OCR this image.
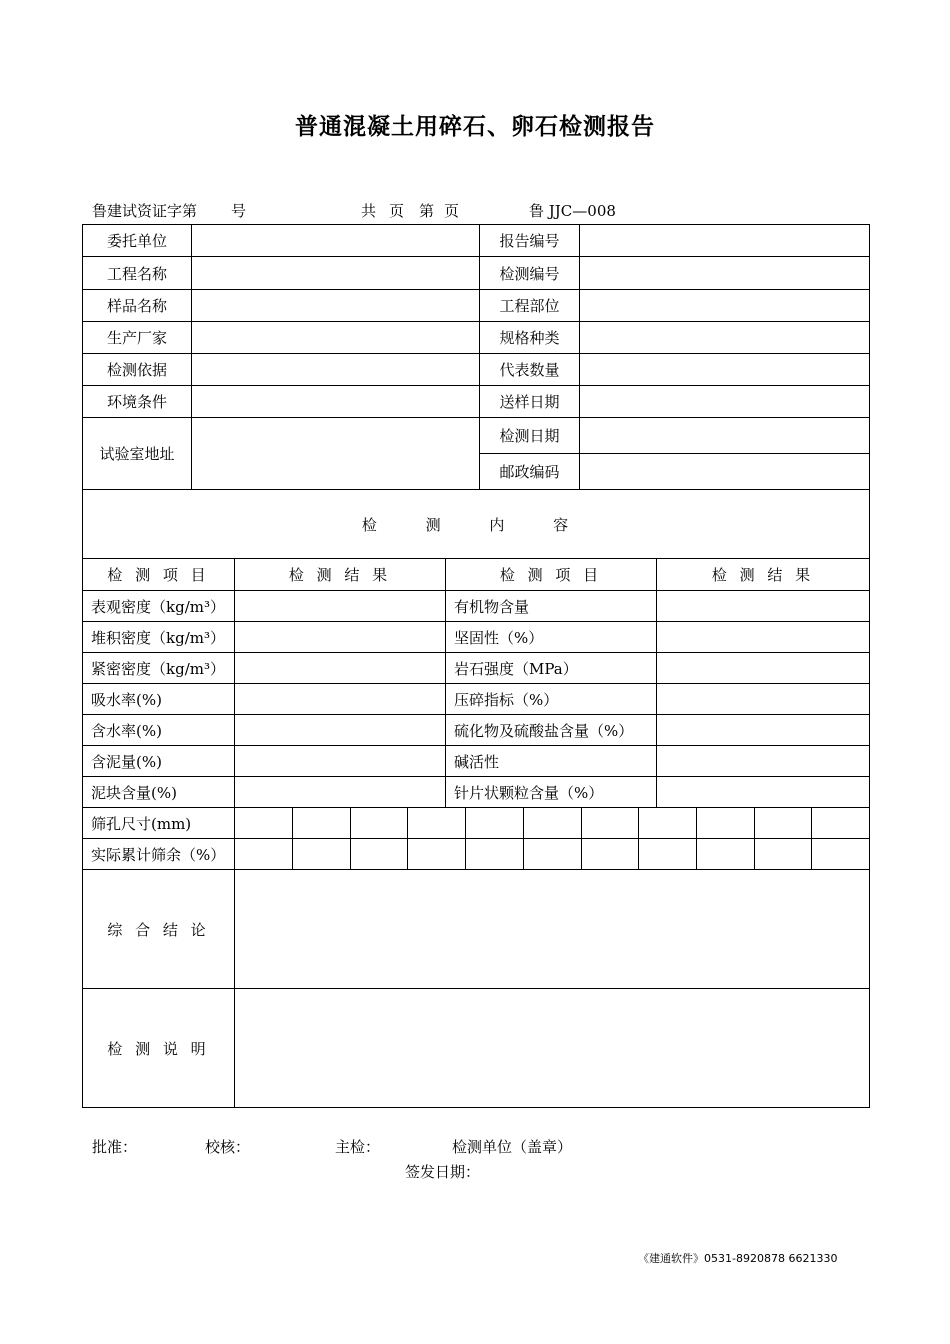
普通混凝土用碎石、卵石检测报告
鲁建试资证字第 号	共 页 第 页	鲁 JJC—008
委托单位		报告编号	
工程名称		检测编号	
样品名称		工程部位	
生产厂家		规格种类	
检测依据		代表数量	
环境条件		送样日期	
试验室地址		检测日期	
		邮政编码	
检 测 内 容			
检 测 项 目	检 测 结 果	检 测 项 目	检 测 结 果
表观密度（kg/m³）		有机物含量	
堆积密度（kg/m³）		坚固性（%）	
紧密密度（kg/m³）		岩石强度（MPa）	
吸水率(%)		压碎指标（%）	
含水率(%)		硫化物及硫酸盐含量（%）	
含泥量(%)		碱活性	
泥块含量(%)		针片状颗粒含量（%）	
筛孔尺寸(mm)											
实际累计筛余（%）											
综 合 结 论	
检 测 说 明	
批准：	校核：	主检：	检测单位（盖章）
签发日期：
《建通软件》0531-8920878 6621330
